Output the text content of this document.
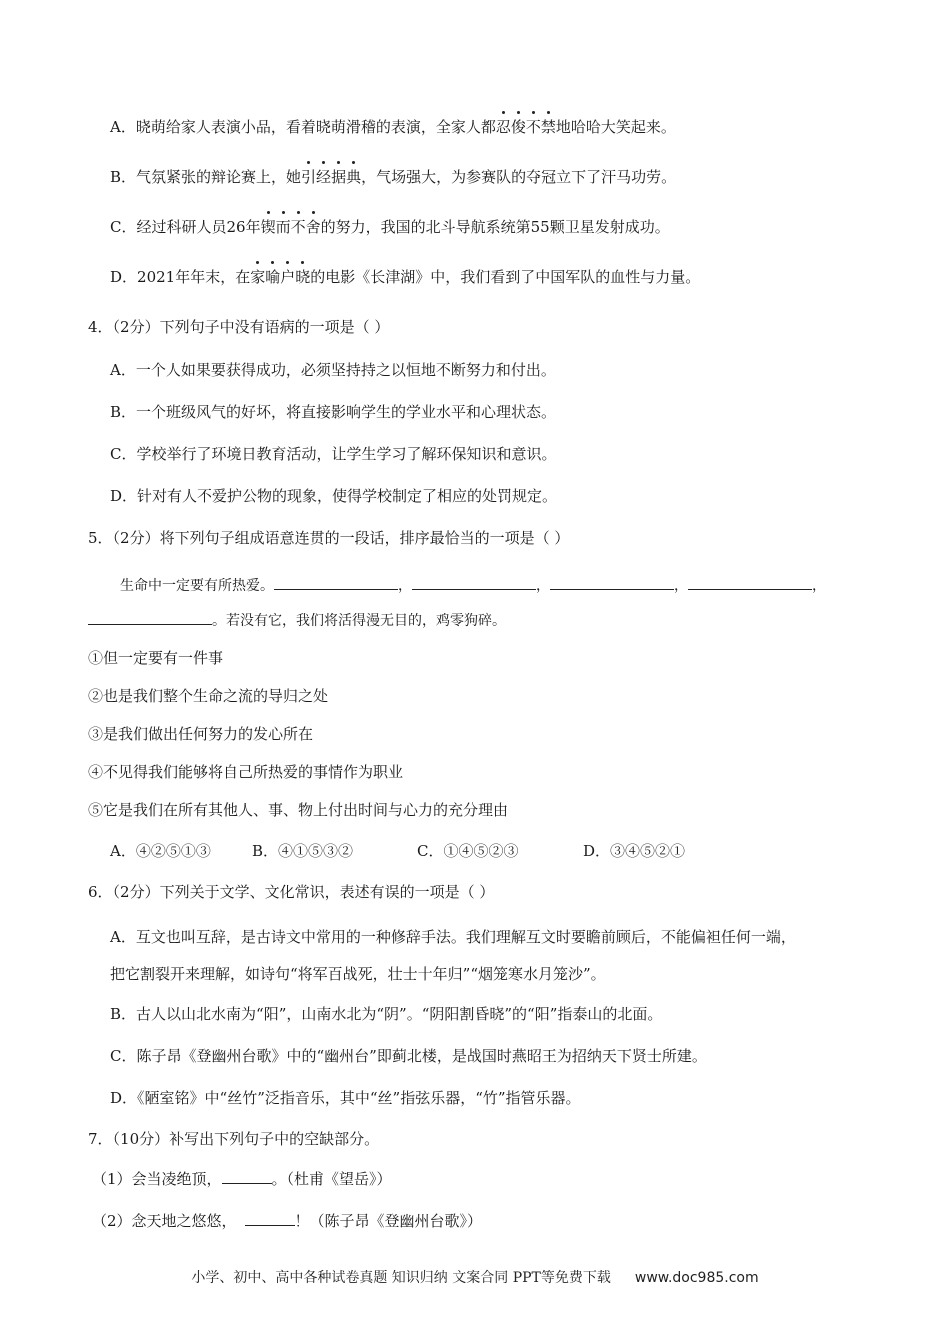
A．晓萌给家人表演小品，看着晓萌滑稽的表演，全家人都忍俊不禁地哈哈大笑起来。
B．气氛紧张的辩论赛上，她引经据典，气场强大，为参赛队的夺冠立下了汗马功劳。
C．经过科研人员26年锲而不舍的努力，我国的北斗导航系统第55颗卫星发射成功。
D．2021年年末，在家喻户晓的电影《长津湖》中，我们看到了中国军队的血性与力量。
4．（2分）下列句子中没有语病的一项是（ ）
A．一个人如果要获得成功，必须坚持持之以恒地不断努力和付出。
B．一个班级风气的好坏，将直接影响学生的学业水平和心理状态。
C．学校举行了环境日教育活动，让学生学习了解环保知识和意识。
D．针对有人不爱护公物的现象，使得学校制定了相应的处罚规定。
5．（2分）将下列句子组成语意连贯的一段话，排序最恰当的一项是（ ）
生命中一定要有所热爱。	，	，	，	，
。若没有它，我们将活得漫无目的，鸡零狗碎。
①但一定要有一件事
②也是我们整个生命之流的导归之处
③是我们做出任何努力的发心所在
④不见得我们能够将自己所热爱的事情作为职业
⑤它是我们在所有其他人、事、物上付出时间与心力的充分理由
A．④②⑤①③	B．④①⑤③②	C．①④⑤②③	D．③④⑤②①
6．（2分）下列关于文学、文化常识，表述有误的一项是（ ）
A．互文也叫互辞，是古诗文中常用的一种修辞手法。我们理解互文时要瞻前顾后，不能偏袒任何一端，
把它割裂开来理解，如诗句“将军百战死，壮士十年归”“烟笼寒水月笼沙”。
B．古人以山北水南为“阳”，山南水北为“阴”。“阴阳割昏晓”的“阳”指泰山的北面。
C．陈子昂《登幽州台歌》中的“幽州台”即蓟北楼，是战国时燕昭王为招纳天下贤士所建。
D．《陋室铭》中“丝竹”泛指音乐，其中“丝”指弦乐器，“竹”指管乐器。
7．（10分）补写出下列句子中的空缺部分。
（1）会当凌绝顶，	。（杜甫《望岳》）
（2）念天地之悠悠，	！（陈子昂《登幽州台歌》）
小学、初中、高中各种试卷真题 知识归纳 文案合同 PPT等免费下载 www.doc985.com
